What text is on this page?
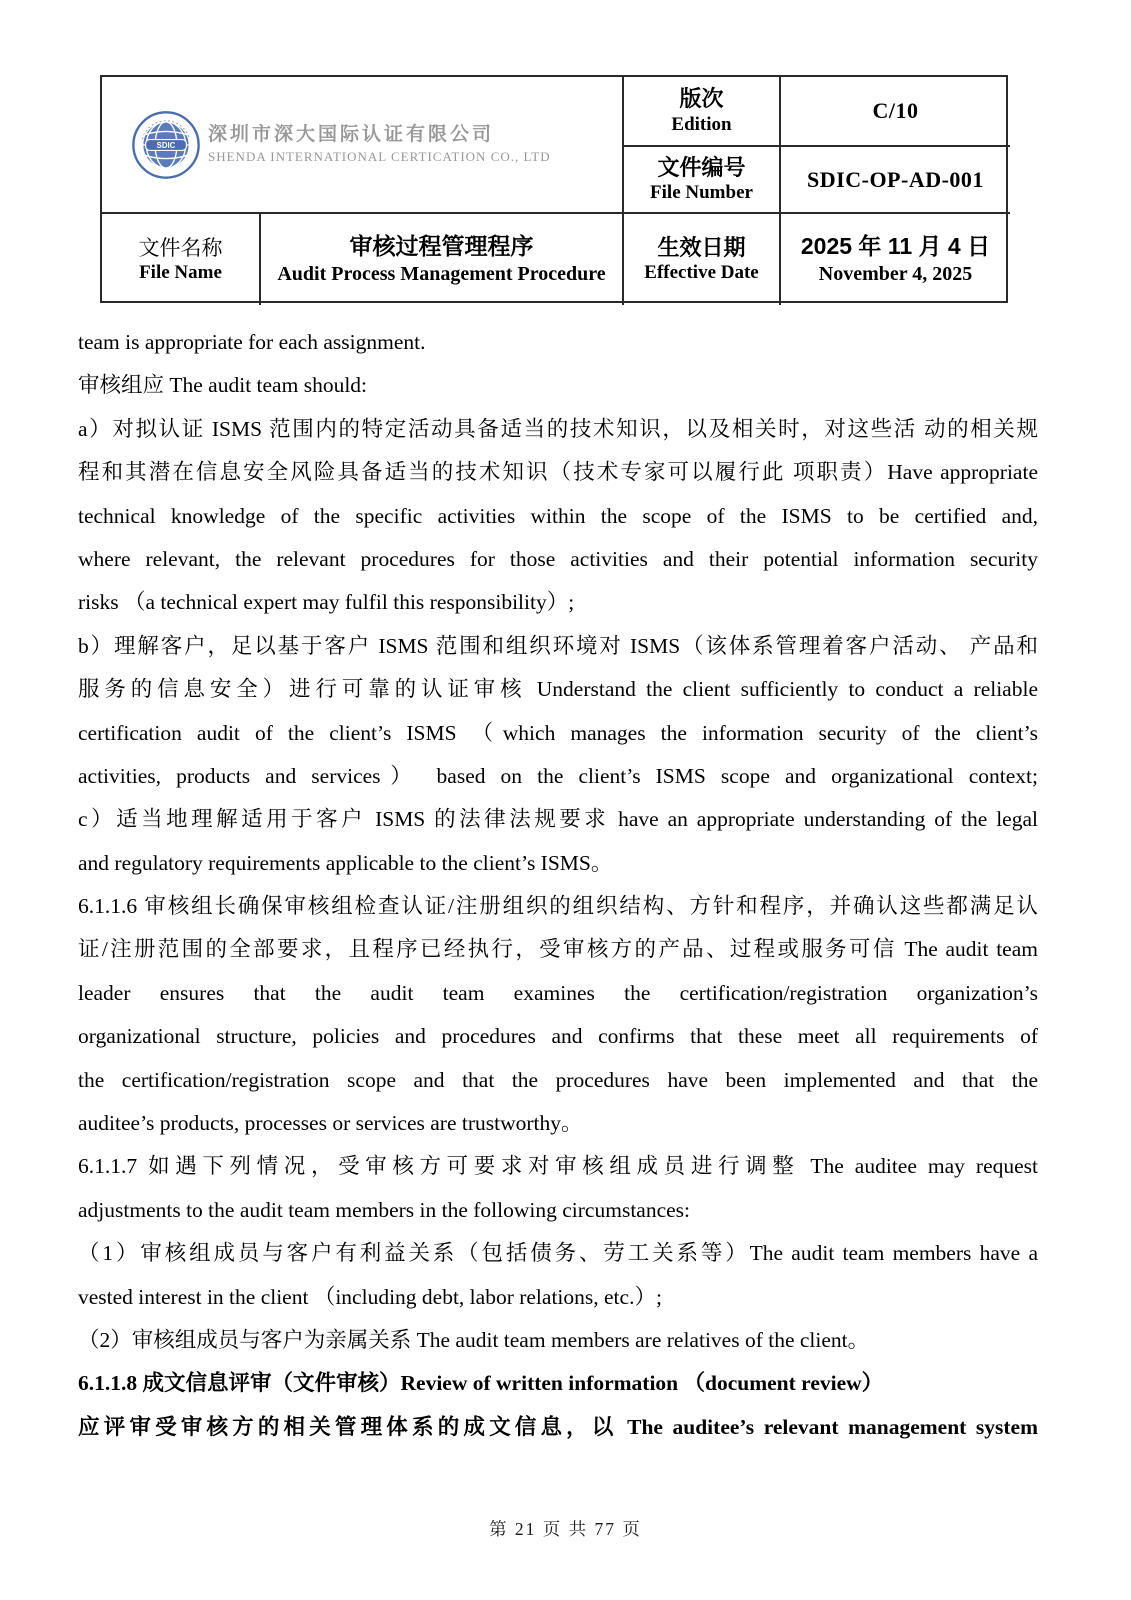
SDIC 深圳市深大国际认证有限公司
SHENDA INTERNATIONAL CERTICATION CO., LTD
版次
Edition
C/10
文件编号
File Number
SDIC-OP-AD-001
文件名称
File Name
审核过程管理程序
Audit Process Management Procedure
生效日期
Effective Date
2025 年 11 月 4 日
November 4, 2025
team is appropriate for each assignment.
审核组应 The audit team should:
a）对拟认证 ISMS 范围内的特定活动具备适当的技术知识，以及相关时，对这些活 动的相关规
程和其潜在信息安全风险具备适当的技术知识（技术专家可以履行此 项职责）Have appropriate
technical knowledge of the specific activities within the scope of the ISMS to be certified and,
where relevant, the relevant procedures for those activities and their potential information security
risks （a technical expert may fulfil this responsibility）;
b）理解客户，足以基于客户 ISMS 范围和组织环境对 ISMS（该体系管理着客户活动、 产品和
服务的信息安全）进行可靠的认证审核 Understand the client sufficiently to conduct a reliable
certification audit of the client’s ISMS （which manages the information security of the client’s
activities, products and services） based on the client’s ISMS scope and organizational context;
c）适当地理解适用于客户 ISMS 的法律法规要求 have an appropriate understanding of the legal
and regulatory requirements applicable to the client’s ISMS。
6.1.1.6 审核组长确保审核组检查认证/注册组织的组织结构、方针和程序，并确认这些都满足认
证/注册范围的全部要求，且程序已经执行，受审核方的产品、过程或服务可信 The audit team
leader ensures that the audit team examines the certification/registration organization’s
organizational structure, policies and procedures and confirms that these meet all requirements of
the certification/registration scope and that the procedures have been implemented and that the
auditee’s products, processes or services are trustworthy。
6.1.1.7 如遇下列情况，受审核方可要求对审核组成员进行调整 The auditee may request
adjustments to the audit team members in the following circumstances:
（1）审核组成员与客户有利益关系（包括债务、劳工关系等）The audit team members have a
vested interest in the client （including debt, labor relations, etc.）;
（2）审核组成员与客户为亲属关系 The audit team members are relatives of the client。
6.1.1.8 成文信息评审（文件审核）Review of written information （document review）
应评审受审核方的相关管理体系的成文信息，以 The auditee’s relevant management system
第 21 页 共 77 页
